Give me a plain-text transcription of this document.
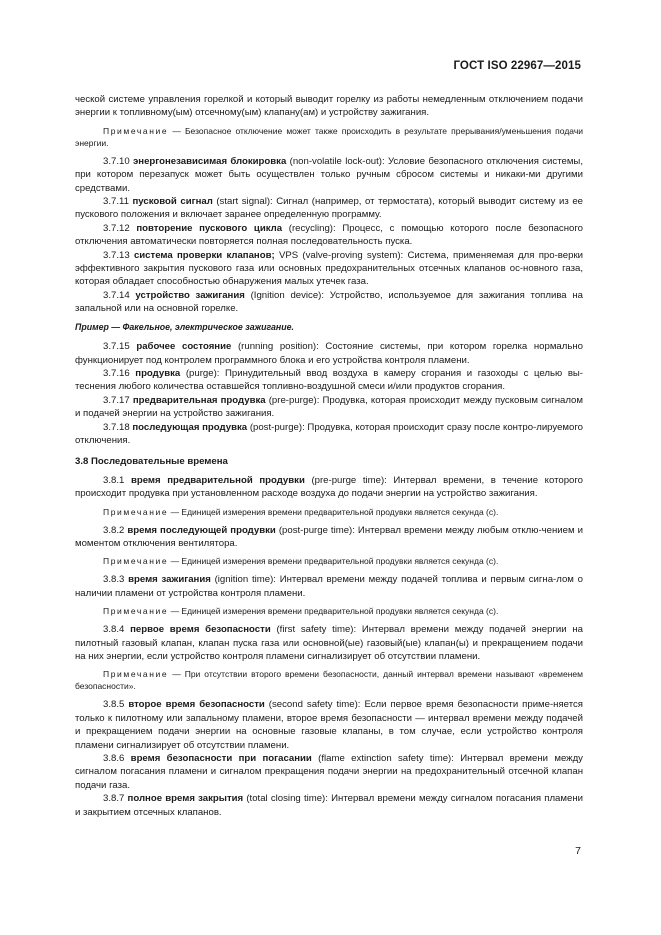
ГОСТ ISO 22967—2015

ческой системе управления горелкой и который выводит горелку из работы немедленным отключением подачи энергии к топливному(ым) отсечному(ым) клапану(ам) и устройству зажигания.

Примечание — Безопасное отключение может также происходить в результате прерывания/уменьшения подачи энергии.

3.7.10 энергонезависимая блокировка (non-volatile lock-out): Условие безопасного отключения системы, при котором перезапуск может быть осуществлен только ручным сбросом системы и никаки-ми другими средствами.

3.7.11 пусковой сигнал (start signal): Сигнал (например, от термостата), который выводит систему из ее пускового положения и включает заранее определенную программу.

3.7.12 повторение пускового цикла (recycling): Процесс, с помощью которого после безопасного отключения автоматически повторяется полная последовательность пуска.

3.7.13 система проверки клапанов; VPS (valve-proving system): Система, применяемая для про-верки эффективного закрытия пускового газа или основных предохранительных отсечных клапанов ос-новного газа, которая обладает способностью обнаружения малых утечек газа.

3.7.14 устройство зажигания (Ignition device): Устройство, используемое для зажигания топлива на запальной или на основной горелке.

Пример — Факельное, электрическое зажигание.

3.7.15 рабочее состояние (running position): Состояние системы, при котором горелка нормально функционирует под контролем программного блока и его устройства контроля пламени.

3.7.16 продувка (purge): Принудительный ввод воздуха в камеру сгорания и газоходы с целью вы-теснения любого количества оставшейся топливно-воздушной смеси и/или продуктов сгорания.

3.7.17 предварительная продувка (pre-purge): Продувка, которая происходит между пусковым сигналом и подачей энергии на устройство зажигания.

3.7.18 последующая продувка (post-purge): Продувка, которая происходит сразу после контро-лируемого отключения.

3.8 Последовательные времена

3.8.1 время предварительной продувки (pre-purge time): Интервал времени, в течение которого происходит продувка при установленном расходе воздуха до подачи энергии на устройство зажигания.

Примечание — Единицей измерения времени предварительной продувки является секунда (с).

3.8.2 время последующей продувки (post-purge time): Интервал времени между любым отклю-чением и моментом отключения вентилятора.

Примечание — Единицей измерения времени предварительной продувки является секунда (с).

3.8.3 время зажигания (ignition time): Интервал времени между подачей топлива и первым сигна-лом о наличии пламени от устройства контроля пламени.

Примечание — Единицей измерения времени предварительной продувки является секунда (с).

3.8.4 первое время безопасности (first safety time): Интервал времени между подачей энергии на пилотный газовый клапан, клапан пуска газа или основной(ые) газовый(ые) клапан(ы) и прекращением подачи на них энергии, если устройство контроля пламени сигнализирует об отсутствии пламени.

Примечание — При отсутствии второго времени безопасности, данный интервал времени называют «временем безопасности».

3.8.5 второе время безопасности (second safety time): Если первое время безопасности приме-няется только к пилотному или запальному пламени, второе время безопасности — интервал времени между подачей и прекращением подачи энергии на основные газовые клапаны, в том случае, если устройство контроля пламени сигнализирует об отсутствии пламени.

3.8.6 время безопасности при погасании (flame extinction safety time): Интервал времени между сигналом погасания пламени и сигналом прекращения подачи энергии на предохранительный отсечной клапан подачи газа.

3.8.7 полное время закрытия (total closing time): Интервал времени между сигналом погасания пламени и закрытием отсечных клапанов.

7
